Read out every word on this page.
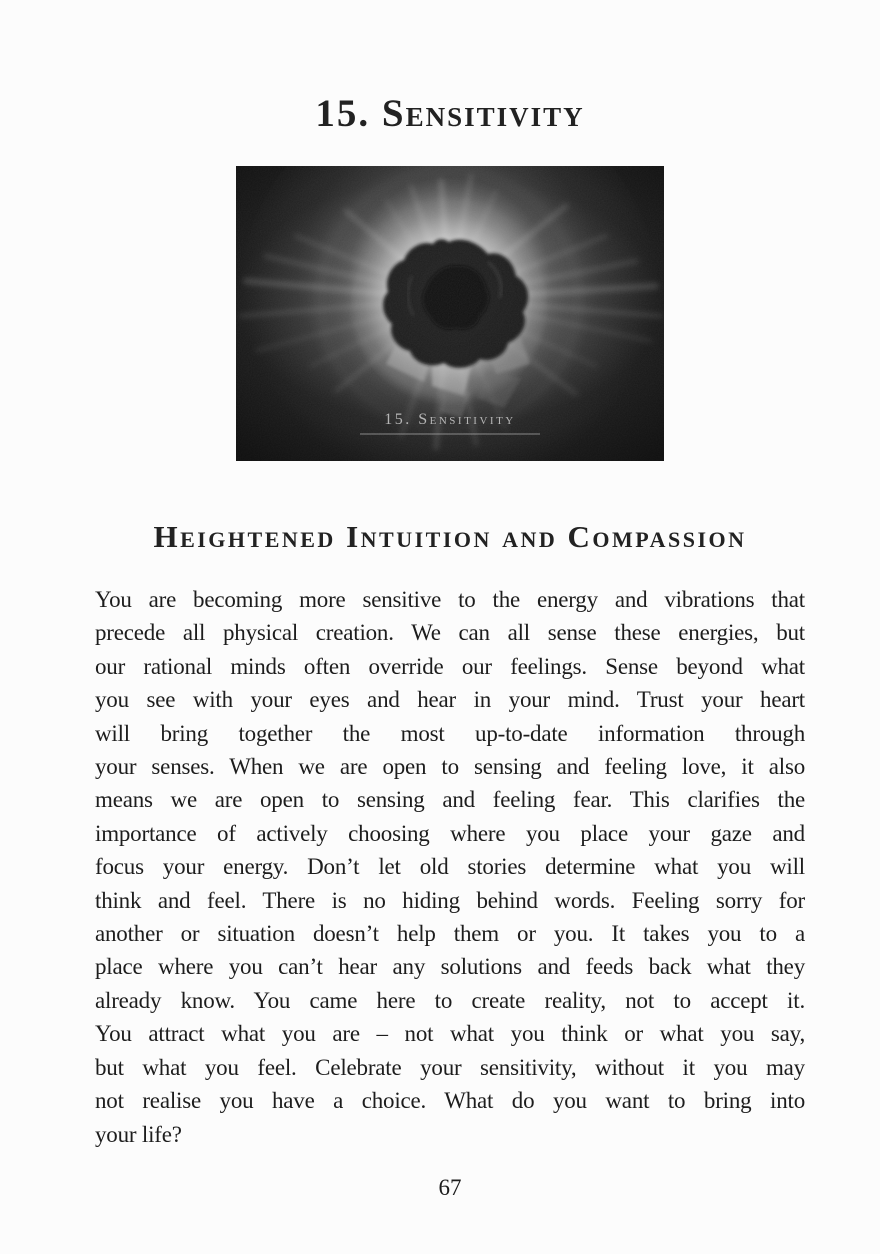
15. Sensitivity
Heightened Intuition and Compassion
You are becoming more sensitive to the energy and vibrations that
precede all physical creation. We can all sense these energies, but
our rational minds often override our feelings. Sense beyond what
you see with your eyes and hear in your mind. Trust your heart
will bring together the most up-to-date information through
your senses. When we are open to sensing and feeling love, it also
means we are open to sensing and feeling fear. This clarifies the
importance of actively choosing where you place your gaze and
focus your energy. Don’t let old stories determine what you will
think and feel. There is no hiding behind words. Feeling sorry for
another or situation doesn’t help them or you. It takes you to a
place where you can’t hear any solutions and feeds back what they
already know. You came here to create reality, not to accept it.
You attract what you are – not what you think or what you say,
but what you feel. Celebrate your sensitivity, without it you may
not realise you have a choice. What do you want to bring into
your life?
67
